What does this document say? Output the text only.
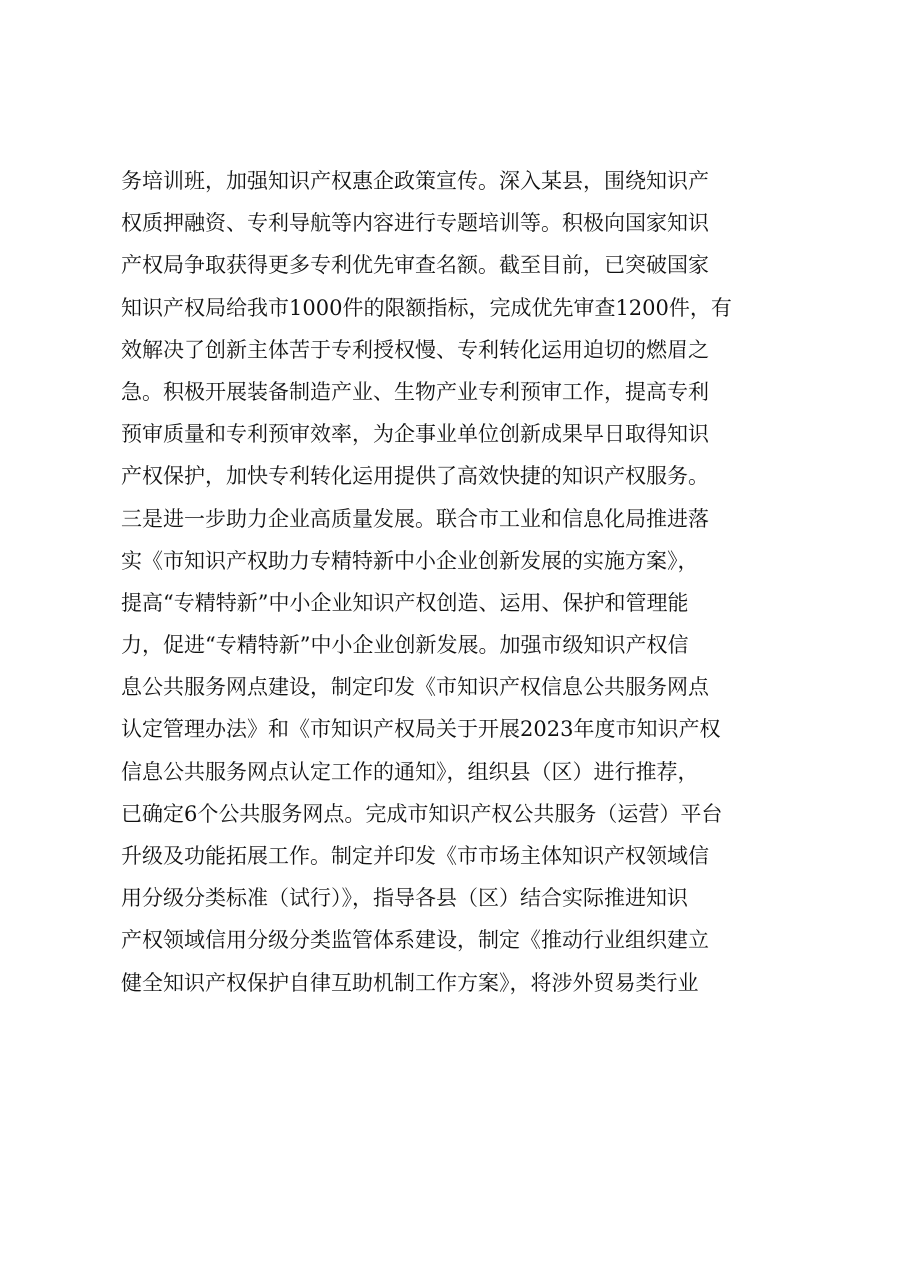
务培训班，加强知识产权惠企政策宣传。深入某县，围绕知识产
权质押融资、专利导航等内容进行专题培训等。积极向国家知识
产权局争取获得更多专利优先审查名额。截至目前，已突破国家
知识产权局给我市1000件的限额指标，完成优先审查1200件，有
效解决了创新主体苦于专利授权慢、专利转化运用迫切的燃眉之
急。积极开展装备制造产业、生物产业专利预审工作，提高专利
预审质量和专利预审效率，为企事业单位创新成果早日取得知识
产权保护，加快专利转化运用提供了高效快捷的知识产权服务。
三是进一步助力企业高质量发展。联合市工业和信息化局推进落
实《市知识产权助力专精特新中小企业创新发展的实施方案》，
提高“专精特新”中小企业知识产权创造、运用、保护和管理能
力，促进“专精特新”中小企业创新发展。加强市级知识产权信
息公共服务网点建设，制定印发《市知识产权信息公共服务网点
认定管理办法》和《市知识产权局关于开展2023年度市知识产权
信息公共服务网点认定工作的通知》，组织县（区）进行推荐，
已确定6个公共服务网点。完成市知识产权公共服务（运营）平台
升级及功能拓展工作。制定并印发《市市场主体知识产权领域信
用分级分类标准（试行）》，指导各县（区）结合实际推进知识
产权领域信用分级分类监管体系建设，制定《推动行业组织建立
健全知识产权保护自律互助机制工作方案》，将涉外贸易类行业
